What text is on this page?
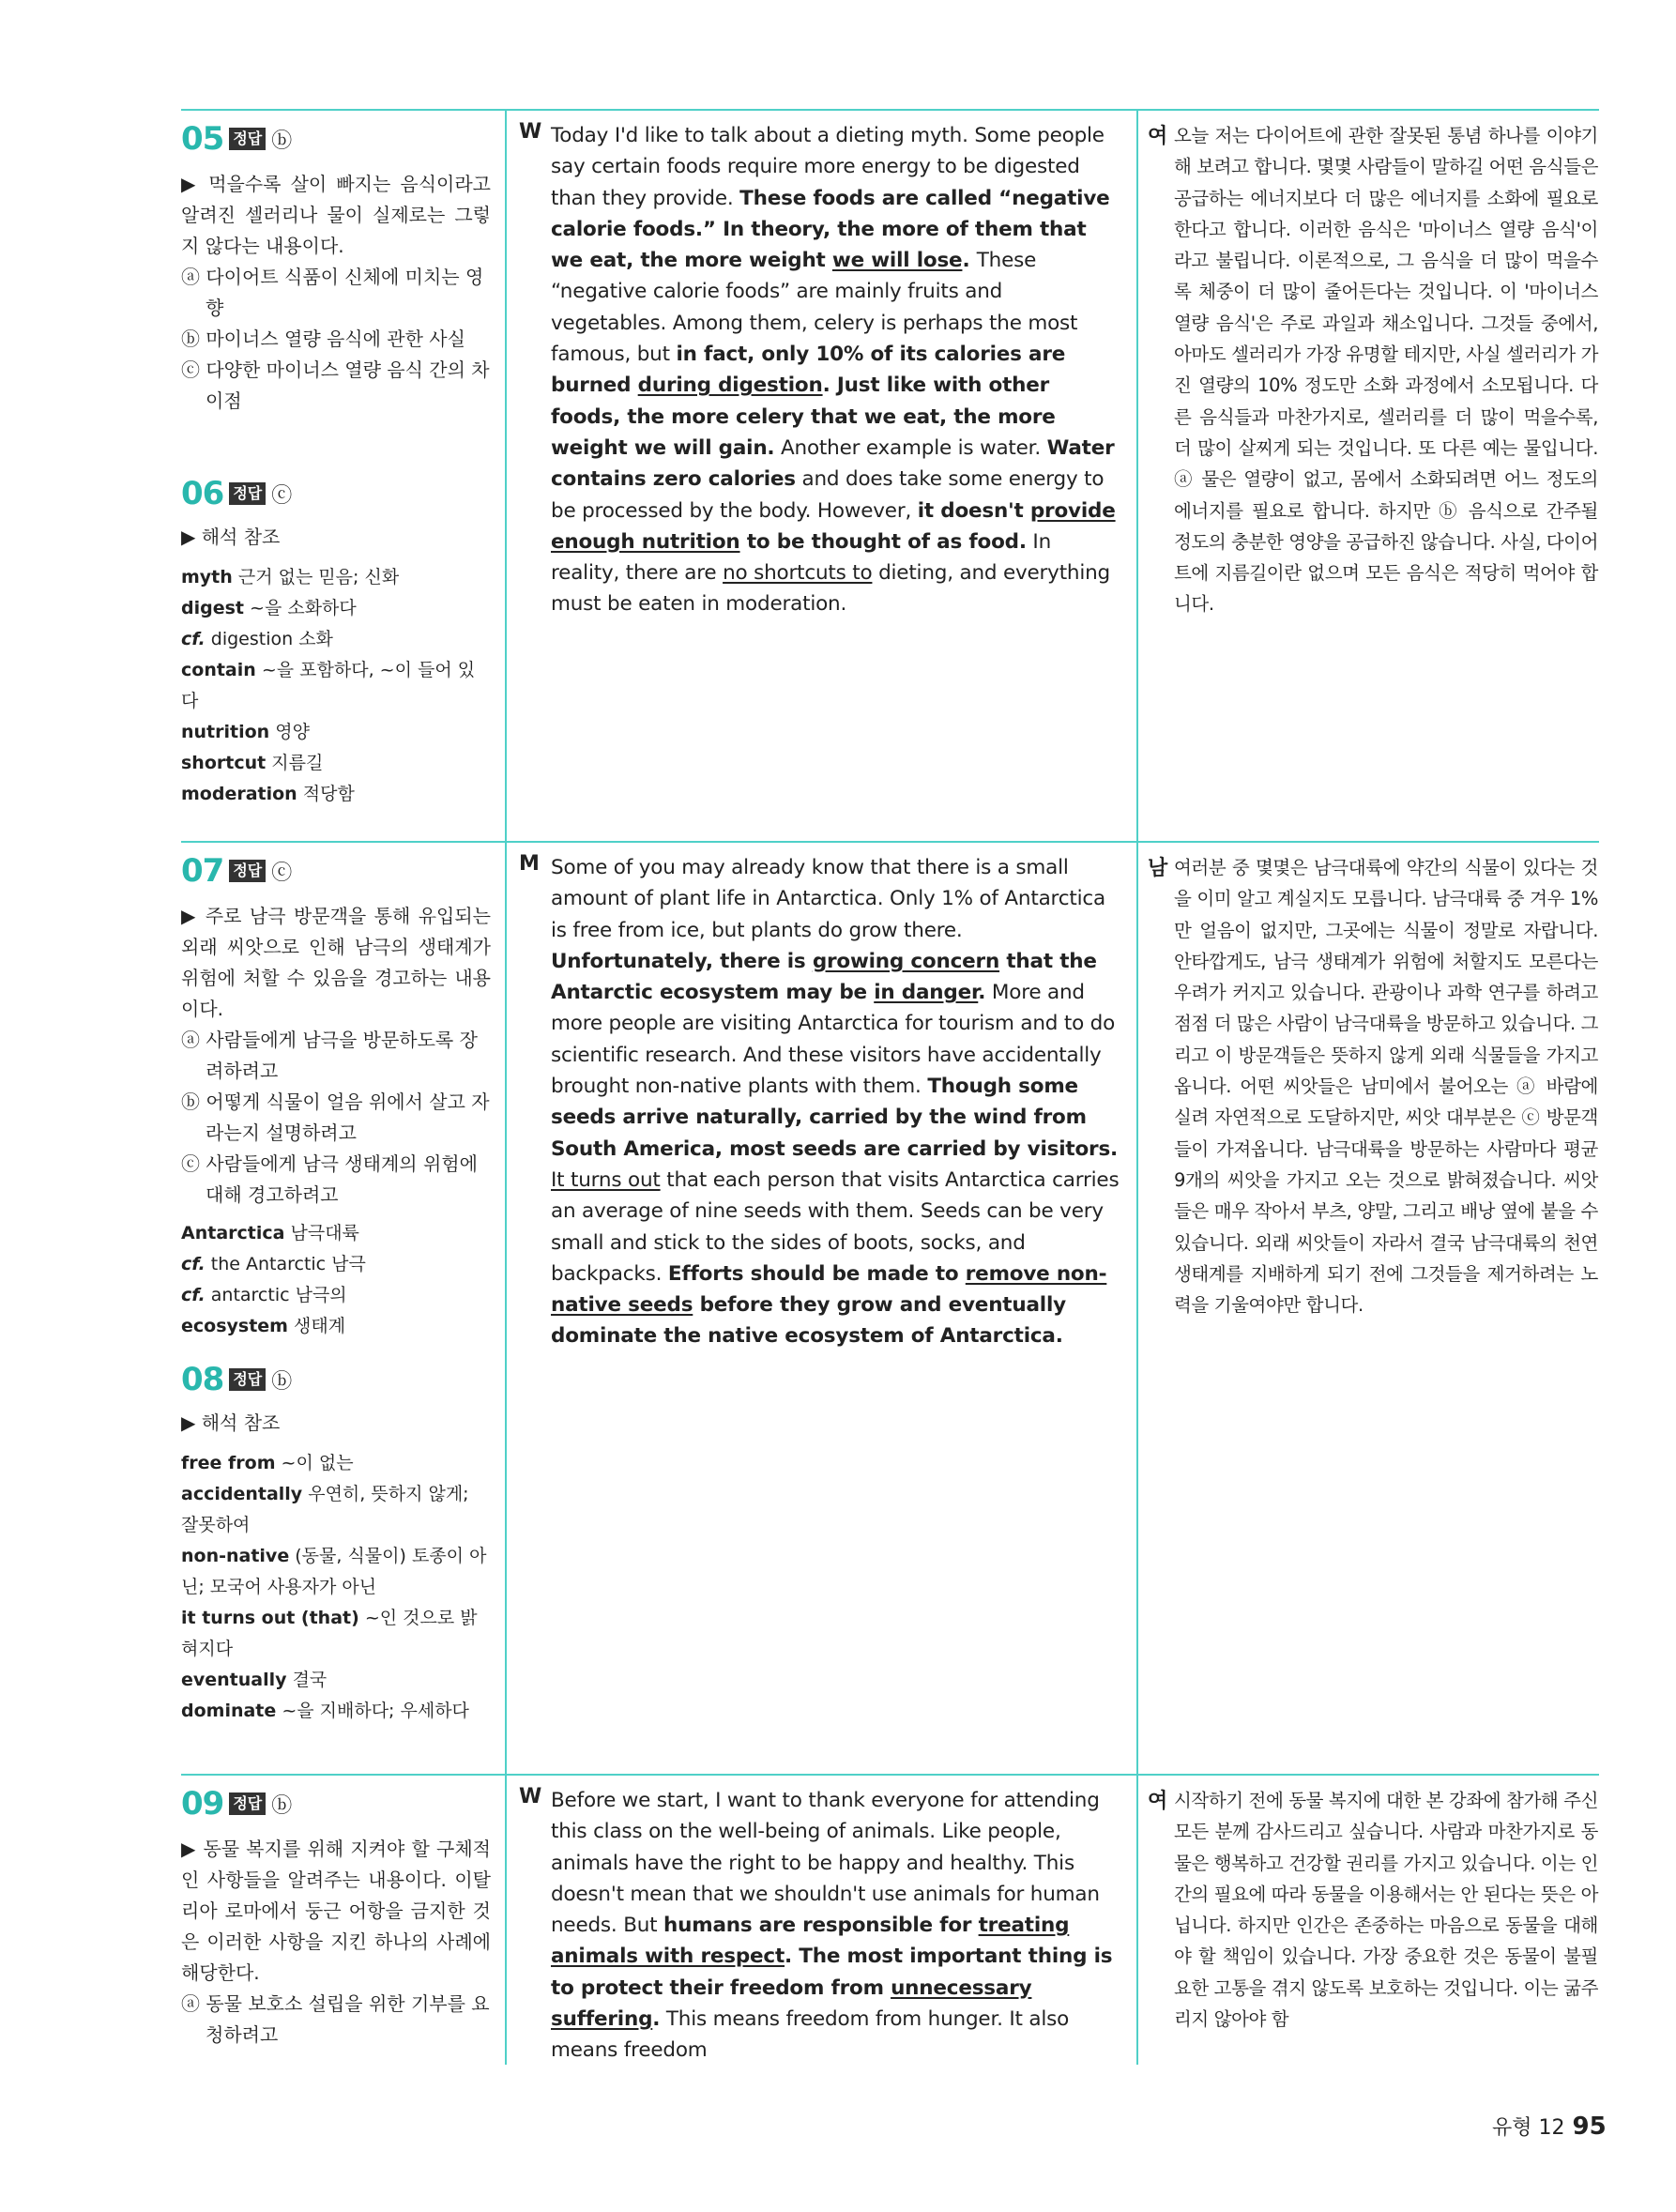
05 정답 ⓑ
▶ 먹을수록 살이 빠지는 음식이라고 알려진 셀러리나 물이 실제로는 그렇지 않다는 내용이다.
ⓐ 다이어트 식품이 신체에 미치는 영향
ⓑ 마이너스 열량 음식에 관한 사실
ⓒ 다양한 마이너스 열량 음식 간의 차이점
06 정답 ⓒ
▶ 해석 참조
myth 근거 없는 믿음; 신화
digest ~을 소화하다
cf. digestion 소화
contain ~을 포함하다, ~이 들어 있다
nutrition 영양
shortcut 지름길
moderation 적당함
W Today I'd like to talk about a dieting myth. Some people say certain foods require more energy to be digested than they provide. These foods are called “negative calorie foods.” In theory, the more of them that we eat, the more weight we will lose. These “negative calorie foods” are mainly fruits and vegetables. Among them, celery is perhaps the most famous, but in fact, only 10% of its calories are burned during digestion. Just like with other foods, the more celery that we eat, the more weight we will gain. Another example is water. Water contains zero calories and does take some energy to be processed by the body. However, it doesn't provide enough nutrition to be thought of as food. In reality, there are no shortcuts to dieting, and everything must be eaten in moderation.
여 오늘 저는 다이어트에 관한 잘못된 통념 하나를 이야기해 보려고 합니다. 몇몇 사람들이 말하길 어떤 음식들은 공급하는 에너지보다 더 많은 에너지를 소화에 필요로 한다고 합니다. 이러한 음식은 '마이너스 열량 음식'이라고 불립니다. 이론적으로, 그 음식을 더 많이 먹을수록 체중이 더 많이 줄어든다는 것입니다. 이 '마이너스 열량 음식'은 주로 과일과 채소입니다. 그것들 중에서, 아마도 셀러리가 가장 유명할 테지만, 사실 셀러리가 가진 열량의 10% 정도만 소화 과정에서 소모됩니다. 다른 음식들과 마찬가지로, 셀러리를 더 많이 먹을수록, 더 많이 살찌게 되는 것입니다. 또 다른 예는 물입니다. ⓐ 물은 열량이 없고, 몸에서 소화되려면 어느 정도의 에너지를 필요로 합니다. 하지만 ⓑ 음식으로 간주될 정도의 충분한 영양을 공급하진 않습니다. 사실, 다이어트에 지름길이란 없으며 모든 음식은 적당히 먹어야 합니다.
07 정답 ⓒ
▶ 주로 남극 방문객을 통해 유입되는 외래 씨앗으로 인해 남극의 생태계가 위험에 처할 수 있음을 경고하는 내용이다.
ⓐ 사람들에게 남극을 방문하도록 장려하려고
ⓑ 어떻게 식물이 얼음 위에서 살고 자라는지 설명하려고
ⓒ 사람들에게 남극 생태계의 위험에 대해 경고하려고
Antarctica 남극대륙
cf. the Antarctic 남극
cf. antarctic 남극의
ecosystem 생태계
08 정답 ⓑ
▶ 해석 참조
free from ~이 없는
accidentally 우연히, 뜻하지 않게; 잘못하여
non-native (동물, 식물이) 토종이 아닌; 모국어 사용자가 아닌
it turns out (that) ~인 것으로 밝혀지다
eventually 결국
dominate ~을 지배하다; 우세하다
M Some of you may already know that there is a small amount of plant life in Antarctica. Only 1% of Antarctica is free from ice, but plants do grow there. Unfortunately, there is growing concern that the Antarctic ecosystem may be in danger. More and more people are visiting Antarctica for tourism and to do scientific research. And these visitors have accidentally brought non-native plants with them. Though some seeds arrive naturally, carried by the wind from South America, most seeds are carried by visitors. It turns out that each person that visits Antarctica carries an average of nine seeds with them. Seeds can be very small and stick to the sides of boots, socks, and backpacks. Efforts should be made to remove non-native seeds before they grow and eventually dominate the native ecosystem of Antarctica.
남 여러분 중 몇몇은 남극대륙에 약간의 식물이 있다는 것을 이미 알고 계실지도 모릅니다. 남극대륙 중 겨우 1%만 얼음이 없지만, 그곳에는 식물이 정말로 자랍니다. 안타깝게도, 남극 생태계가 위험에 처할지도 모른다는 우려가 커지고 있습니다. 관광이나 과학 연구를 하려고 점점 더 많은 사람이 남극대륙을 방문하고 있습니다. 그리고 이 방문객들은 뜻하지 않게 외래 식물들을 가지고 옵니다. 어떤 씨앗들은 남미에서 불어오는 ⓐ 바람에 실려 자연적으로 도달하지만, 씨앗 대부분은 ⓒ 방문객들이 가져옵니다. 남극대륙을 방문하는 사람마다 평균 9개의 씨앗을 가지고 오는 것으로 밝혀졌습니다. 씨앗들은 매우 작아서 부츠, 양말, 그리고 배낭 옆에 붙을 수 있습니다. 외래 씨앗들이 자라서 결국 남극대륙의 천연 생태계를 지배하게 되기 전에 그것들을 제거하려는 노력을 기울여야만 합니다.
09 정답 ⓑ
▶ 동물 복지를 위해 지켜야 할 구체적인 사항들을 알려주는 내용이다. 이탈리아 로마에서 둥근 어항을 금지한 것은 이러한 사항을 지킨 하나의 사례에 해당한다.
ⓐ 동물 보호소 설립을 위한 기부를 요청하려고
W Before we start, I want to thank everyone for attending this class on the well-being of animals. Like people, animals have the right to be happy and healthy. This doesn't mean that we shouldn't use animals for human needs. But humans are responsible for treating animals with respect. The most important thing is to protect their freedom from unnecessary suffering. This means freedom from hunger. It also means freedom
여 시작하기 전에 동물 복지에 대한 본 강좌에 참가해 주신 모든 분께 감사드리고 싶습니다. 사람과 마찬가지로 동물은 행복하고 건강할 권리를 가지고 있습니다. 이는 인간의 필요에 따라 동물을 이용해서는 안 된다는 뜻은 아닙니다. 하지만 인간은 존중하는 마음으로 동물을 대해야 할 책임이 있습니다. 가장 중요한 것은 동물이 불필요한 고통을 겪지 않도록 보호하는 것입니다. 이는 굶주리지 않아야 함
유형 12 95
